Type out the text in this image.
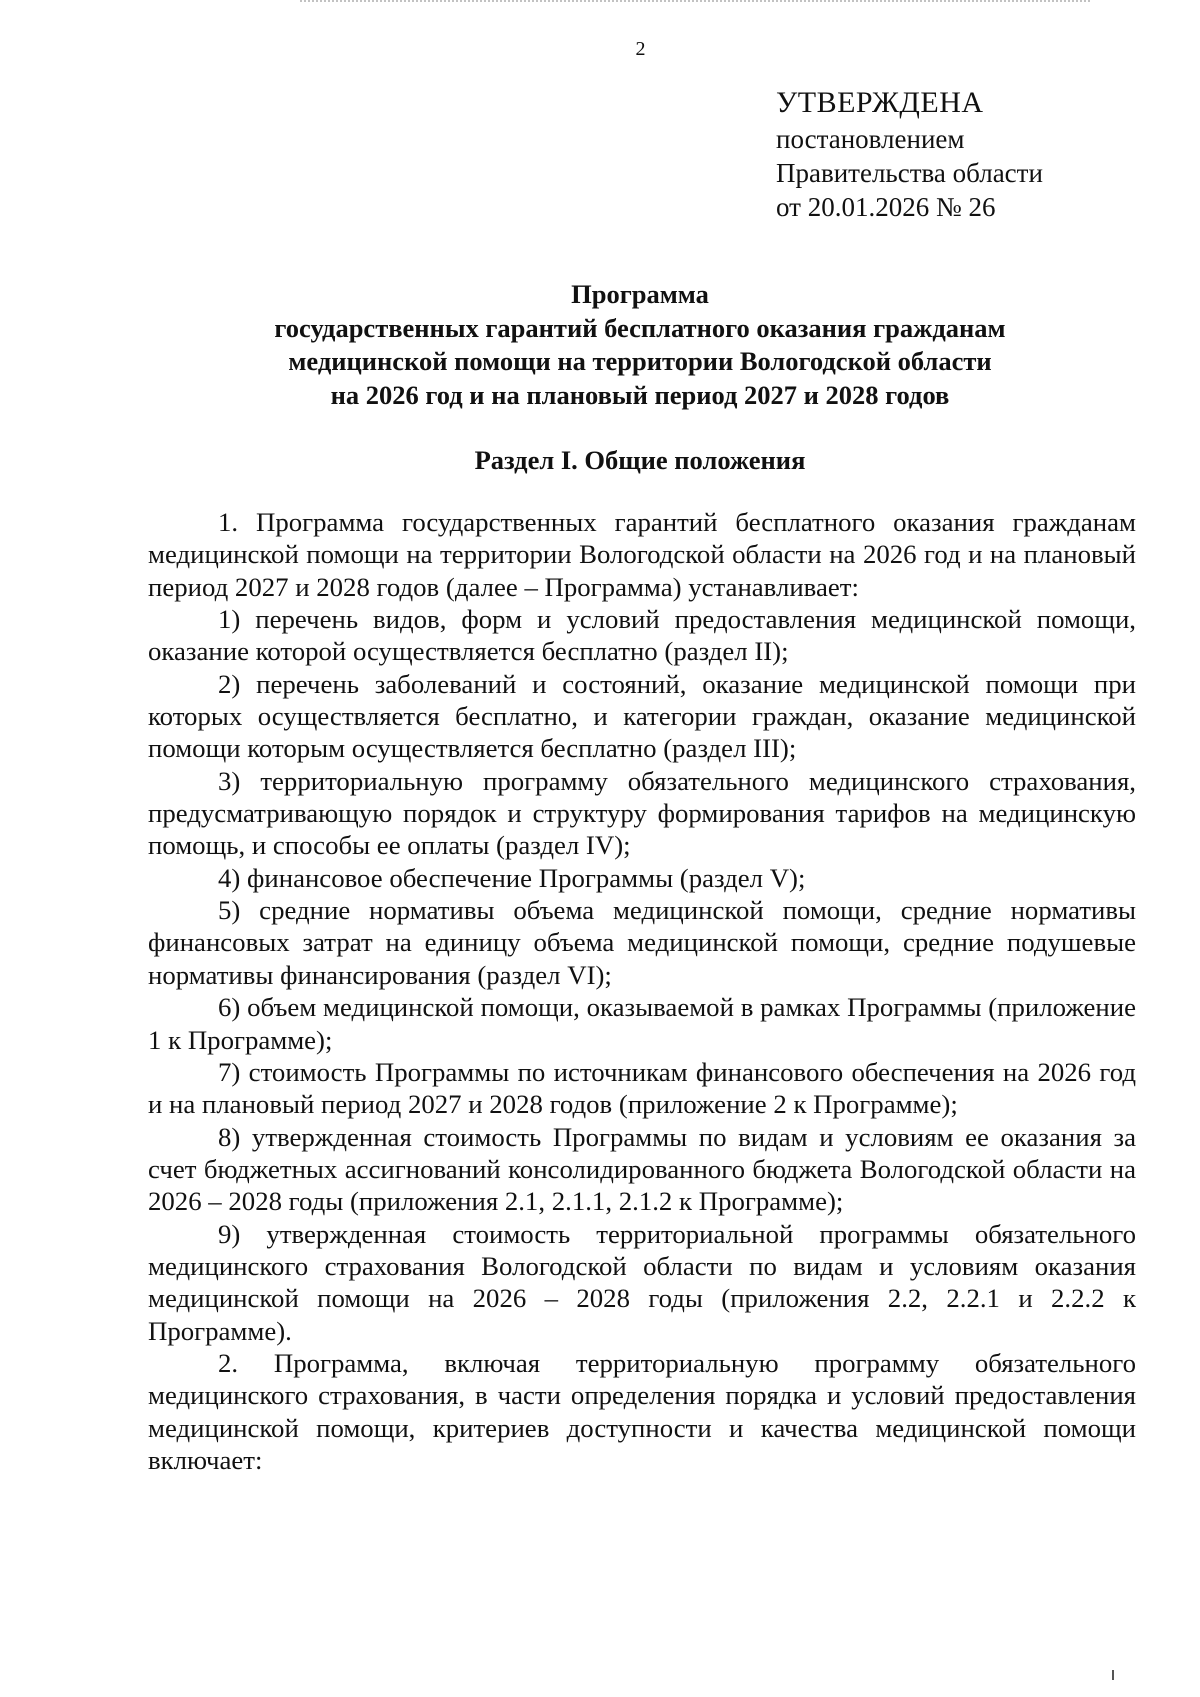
2
УТВЕРЖДЕНА
постановлением
Правительства области
от 20.01.2026 № 26
Программа
государственных гарантий бесплатного оказания гражданам
медицинской помощи на территории Вологодской области
на 2026 год и на плановый период 2027 и 2028 годов
Раздел I. Общие положения

1. Программа государственных гарантий бесплатного оказания гражданам медицинской помощи на территории Вологодской области на 2026 год и на плановый период 2027 и 2028 годов (далее – Программа) устанавливает:

1) перечень видов, форм и условий предоставления медицинской помощи, оказание которой осуществляется бесплатно (раздел II);

2) перечень заболеваний и состояний, оказание медицинской помощи при которых осуществляется бесплатно, и категории граждан, оказание медицинской помощи которым осуществляется бесплатно (раздел III);

3) территориальную программу обязательного медицинского страхования, предусматривающую порядок и структуру формирования тарифов на медицинскую помощь, и способы ее оплаты (раздел IV);

4) финансовое обеспечение Программы (раздел V);

5) средние нормативы объема медицинской помощи, средние нормативы финансовых затрат на единицу объема медицинской помощи, средние подушевые нормативы финансирования (раздел VI);

6) объем медицинской помощи, оказываемой в рамках Программы (приложение 1 к Программе);

7) стоимость Программы по источникам финансового обеспечения на 2026 год и на плановый период 2027 и 2028 годов (приложение 2 к Программе);

8) утвержденная стоимость Программы по видам и условиям ее оказания за счет бюджетных ассигнований консолидированного бюджета Вологодской области на 2026 – 2028 годы (приложения 2.1, 2.1.1, 2.1.2 к Программе);

9) утвержденная стоимость территориальной программы обязательного медицинского страхования Вологодской области по видам и условиям оказания медицинской помощи на 2026 – 2028 годы (приложения 2.2, 2.2.1 и 2.2.2 к Программе).

2. Программа, включая территориальную программу обязательного медицинского страхования, в части определения порядка и условий предоставления медицинской помощи, критериев доступности и качества медицинской помощи включает:
